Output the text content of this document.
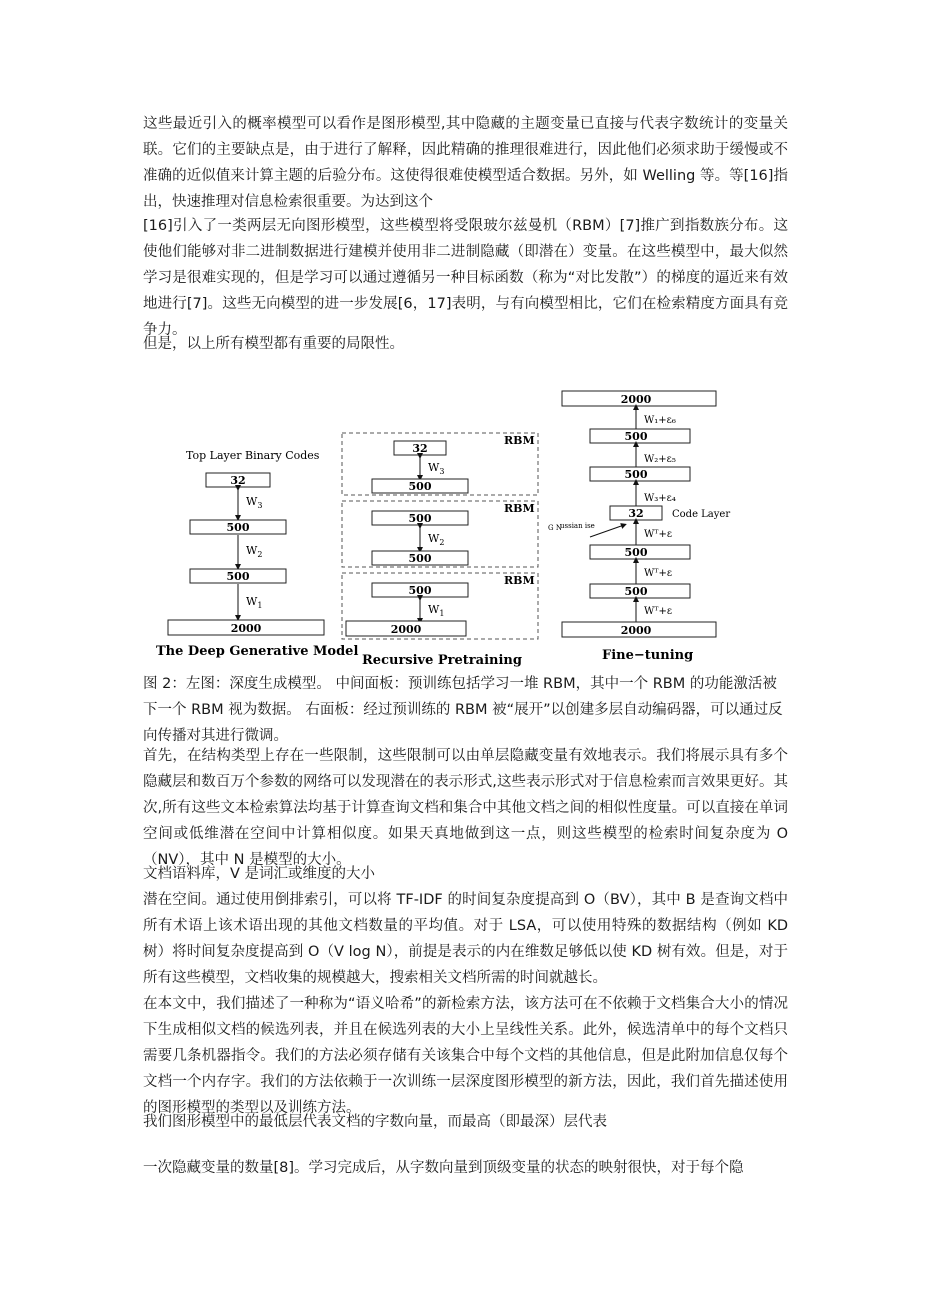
这些最近引入的概率模型可以看作是图形模型,其中隐藏的主题变量已直接与代表字数统计的变量关联。它们的主要缺点是，由于进行了解释，因此精确的推理很难进行，因此他们必须求助于缓慢或不准确的近似值来计算主题的后验分布。这使得很难使模型适合数据。另外，如 Welling 等。等[16]指出，快速推理对信息检索很重要。为达到这个

[16]引入了一类两层无向图形模型，这些模型将受限玻尔兹曼机（RBM）[7]推广到指数族分布。这使他们能够对非二进制数据进行建模并使用非二进制隐藏（即潜在）变量。在这些模型中，最大似然学习是很难实现的，但是学习可以通过遵循另一种目标函数（称为“对比发散”）的梯度的逼近来有效地进行[7]。这些无向模型的进一步发展[6，17]表明，与有向模型相比，它们在检索精度方面具有竞争力。

但是，以上所有模型都有重要的局限性。

Top Layer Binary Codes
32
$W_3$
500
$W_2$
500
$W_1$
2000
The Deep Generative Model
RBM
32
$W_3$
500
RBM
500
$W_2$
500
RBM
500
$W_1$
2000
Recursive Pretraining
2000
W₁+ε₆
500
W₂+ε₅
500
W₃+ε₄
32	Code Layer
G N
ussian ise
Wᵀ+ε
500
Wᵀ+ε
500
Wᵀ+ε
2000
Fine−tuning

图 2：左图：深度生成模型。 中间面板：预训练包括学习一堆 RBM，其中一个 RBM 的功能激活被下一个 RBM 视为数据。 右面板：经过预训练的 RBM 被“展开”以创建多层自动编码器，可以通过反向传播对其进行微调。

首先，在结构类型上存在一些限制，这些限制可以由单层隐藏变量有效地表示。我们将展示具有多个隐藏层和数百万个参数的网络可以发现潜在的表示形式,这些表示形式对于信息检索而言效果更好。其次,所有这些文本检索算法均基于计算查询文档和集合中其他文档之间的相似性度量。可以直接在单词空间或低维潜在空间中计算相似度。如果天真地做到这一点，则这些模型的检索时间复杂度为 O（NV），其中 N 是模型的大小。

文档语料库，V 是词汇或维度的大小

潜在空间。通过使用倒排索引，可以将 TF-IDF 的时间复杂度提高到 O（BV），其中 B 是查询文档中所有术语上该术语出现的其他文档数量的平均值。对于 LSA，可以使用特殊的数据结构（例如 KD 树）将时间复杂度提高到 O（V log N），前提是表示的内在维数足够低以使 KD 树有效。但是，对于所有这些模型，文档收集的规模越大，搜索相关文档所需的时间就越长。

在本文中，我们描述了一种称为“语义哈希”的新检索方法，该方法可在不依赖于文档集合大小的情况下生成相似文档的候选列表，并且在候选列表的大小上呈线性关系。此外，候选清单中的每个文档只需要几条机器指令。我们的方法必须存储有关该集合中每个文档的其他信息，但是此附加信息仅每个文档一个内存字。我们的方法依赖于一次训练一层深度图形模型的新方法，因此，我们首先描述使用的图形模型的类型以及训练方法。

我们图形模型中的最低层代表文档的字数向量，而最高（即最深）层代表

一次隐藏变量的数量[8]。学习完成后，从字数向量到顶级变量的状态的映射很快，对于每个隐
